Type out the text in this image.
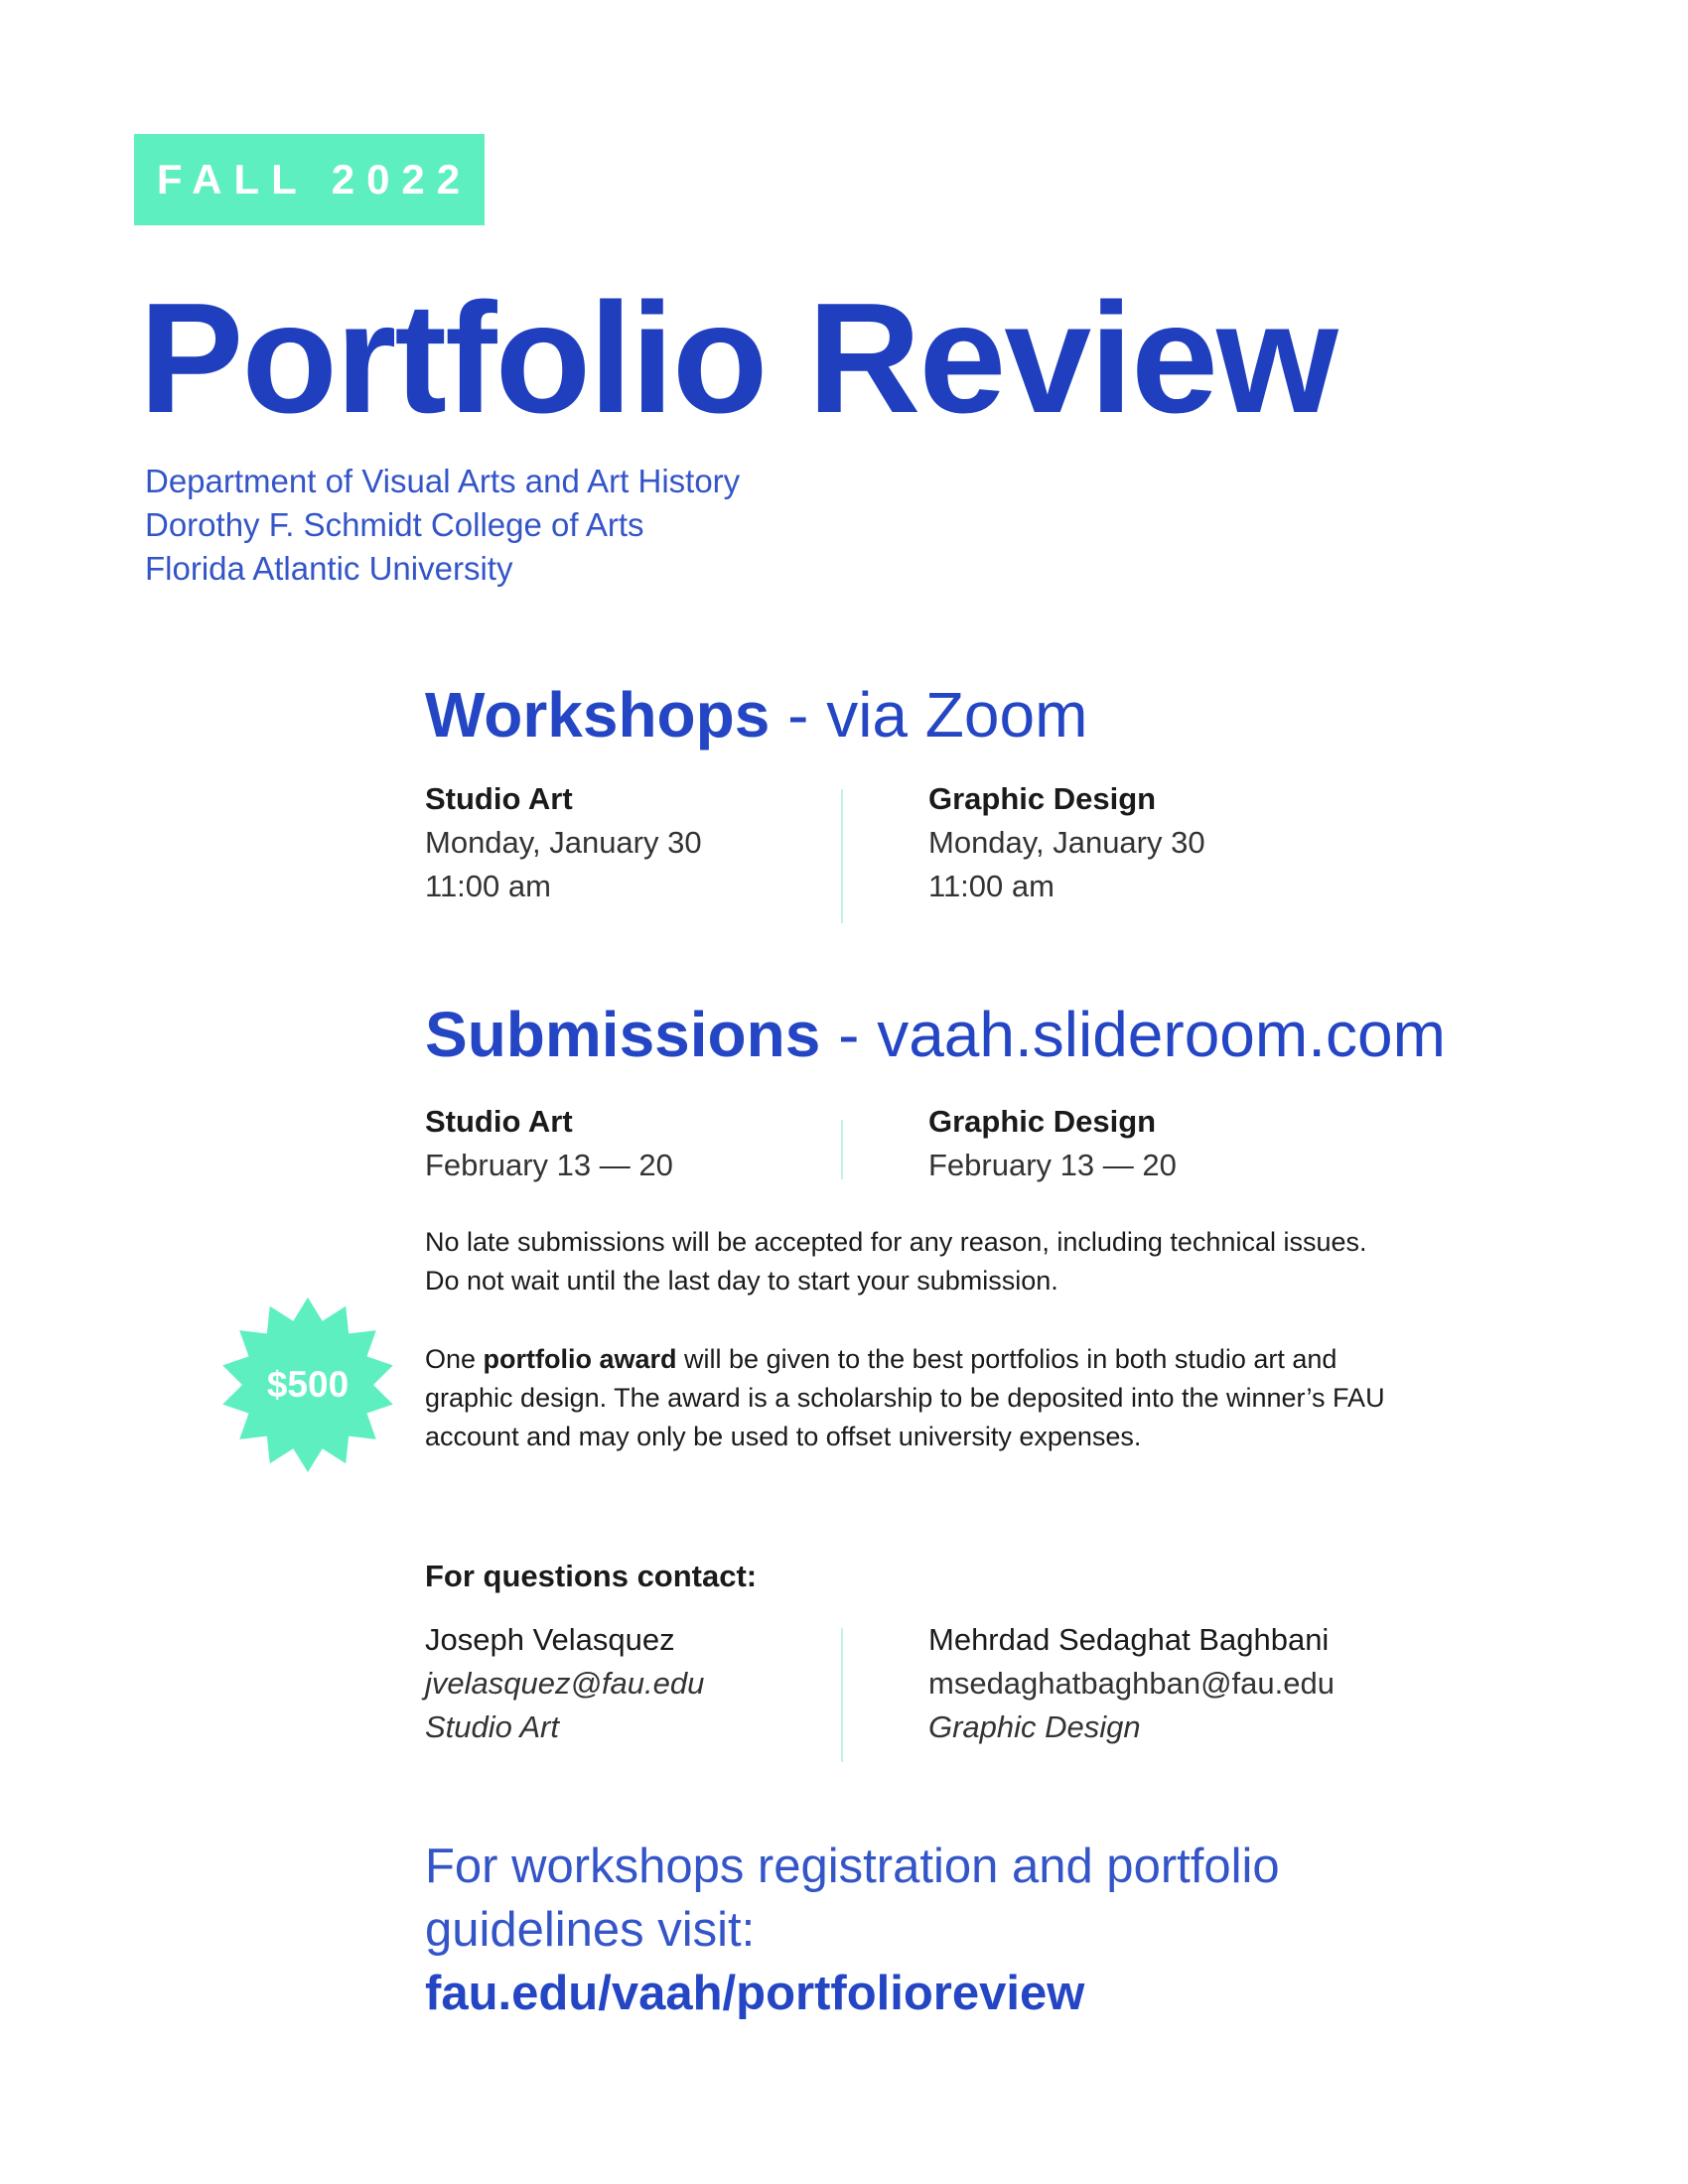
FALL 2022
Portfolio Review
Department of Visual Arts and Art History
Dorothy F. Schmidt College of Arts
Florida Atlantic University
Workshops - via Zoom
Studio Art
Monday, January 30
11:00 am
Graphic Design
Monday, January 30
11:00 am
Submissions - vaah.slideroom.com
Studio Art
February 13 — 20
Graphic Design
February 13 — 20
No late submissions will be accepted for any reason, including technical issues.
Do not wait until the last day to start your submission.
$500
One portfolio award will be given to the best portfolios in both studio art and
graphic design. The award is a scholarship to be deposited into the winner’s FAU
account and may only be used to offset university expenses.
For questions contact:
Joseph Velasquez
jvelasquez@fau.edu
Studio Art
Mehrdad Sedaghat Baghbani
msedaghatbaghban@fau.edu
Graphic Design
For workshops registration and portfolio
guidelines visit:
fau.edu/vaah/portfolioreview
